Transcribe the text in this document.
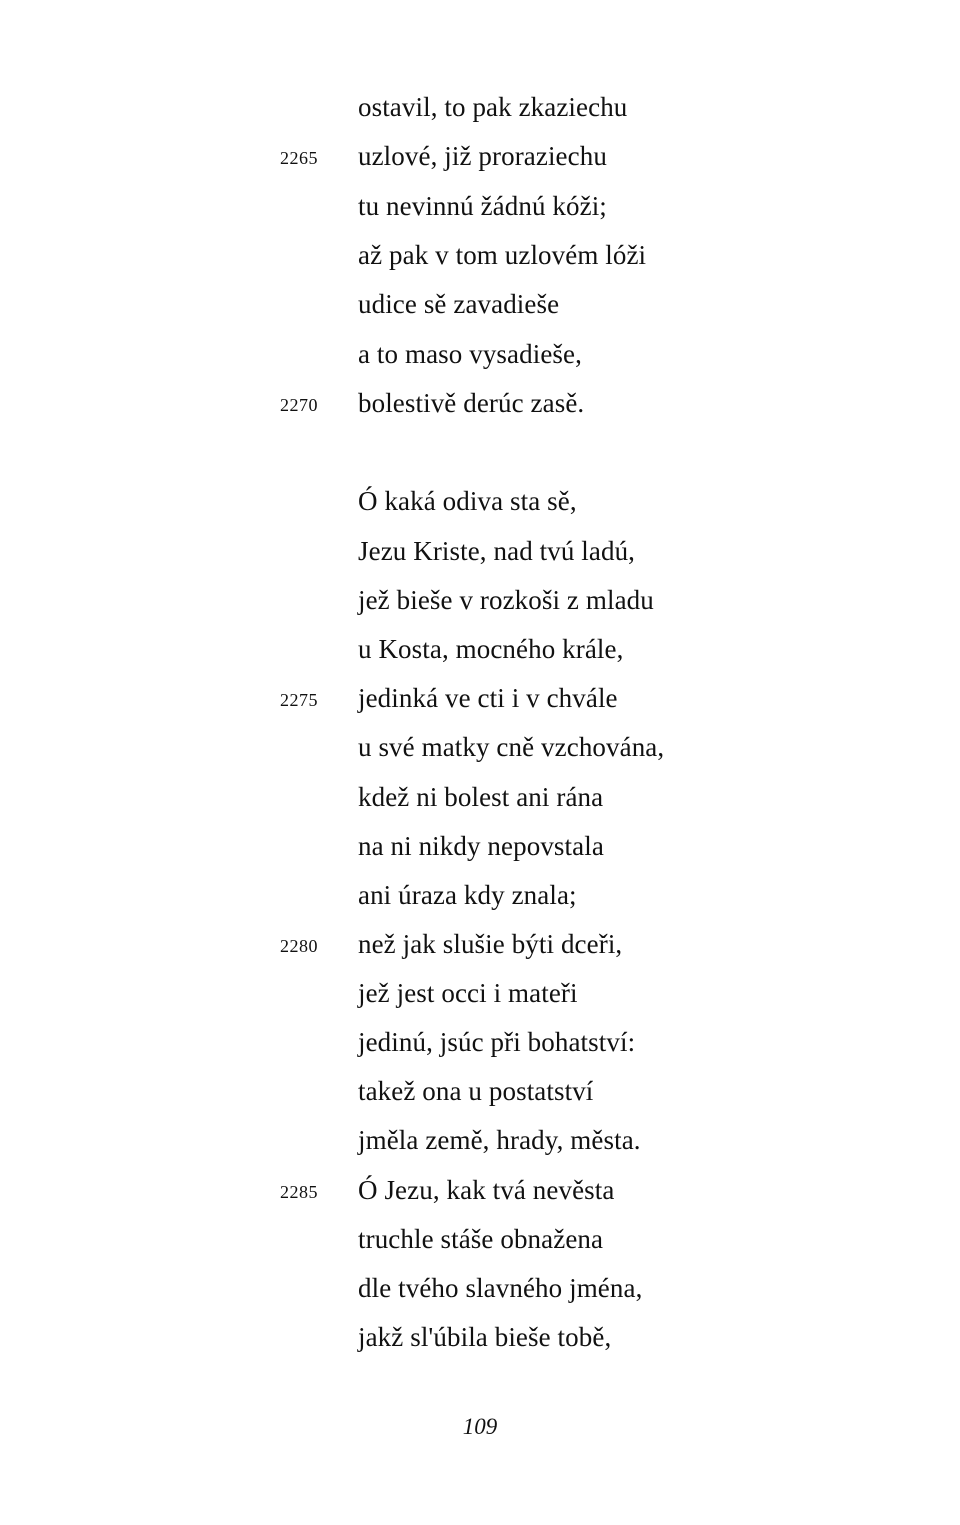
ostavil, to pak zkaziechu
2265 uzlové, již proraziechu
tu nevinnú žádnú kóži;
až pak v tom uzlovém lóži
udice sě zavadieše
a to maso vysadieše,
2270 bolestivě derúc zasě.
Ó kaká odiva sta sě,
Jezu Kriste, nad tvú ladú,
jež bieše v rozkoši z mladu
u Kosta, mocného krále,
2275 jedinká ve cti i v chvále
u své matky cně vzchována,
kdež ni bolest ani rána
na ni nikdy nepovstala
ani úraza kdy znala;
2280 než jak slušie býti dceři,
jež jest occi i mateři
jedinú, jsúc při bohatství:
takež ona u postatství
jměla země, hrady, města.
2285 Ó Jezu, kak tvá nevěsta
truchle stáše obnažena
dle tvého slavného jména,
jakž sl'úbila bieše tobě,
109
